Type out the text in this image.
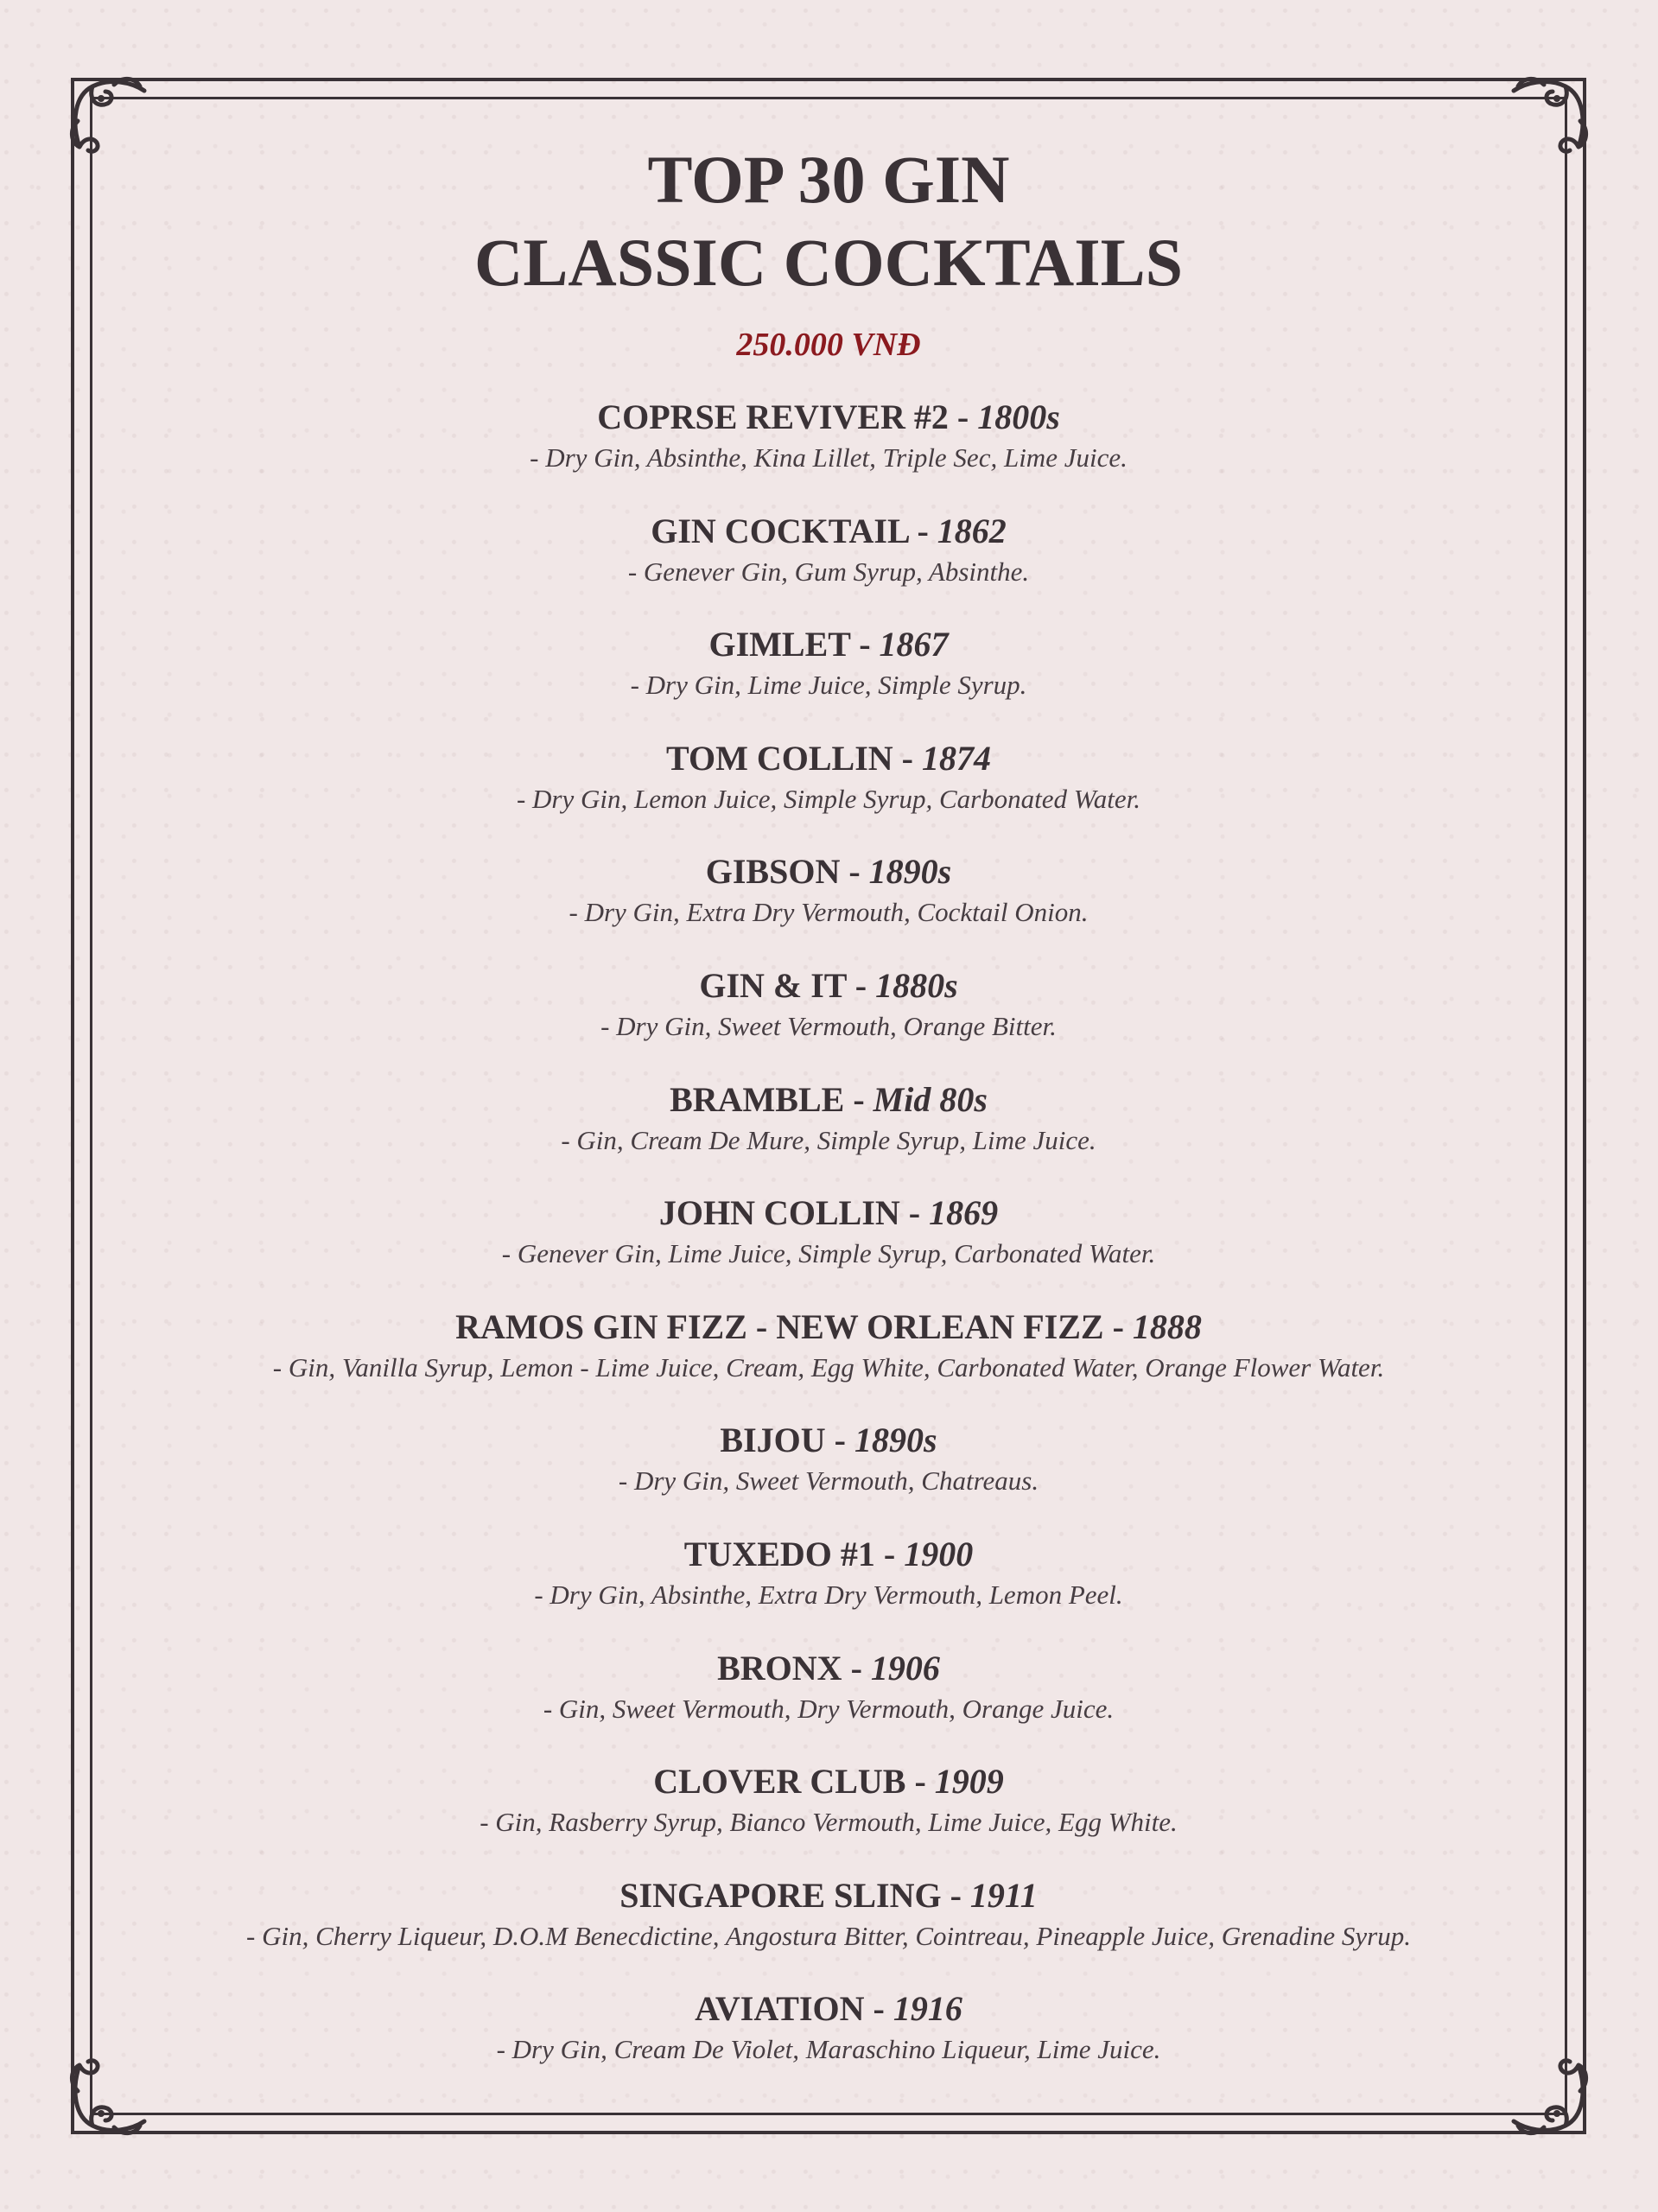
TOP 30 GIN
CLASSIC COCKTAILS
250.000 VNĐ
COPRSE REVIVER #2 - 1800s
- Dry Gin, Absinthe, Kina Lillet, Triple Sec, Lime Juice.
GIN COCKTAIL - 1862
- Genever Gin, Gum Syrup, Absinthe.
GIMLET - 1867
- Dry Gin, Lime Juice, Simple Syrup.
TOM COLLIN - 1874
- Dry Gin, Lemon Juice, Simple Syrup, Carbonated Water.
GIBSON - 1890s
- Dry Gin, Extra Dry Vermouth, Cocktail Onion.
GIN & IT - 1880s
- Dry Gin, Sweet Vermouth, Orange Bitter.
BRAMBLE - Mid 80s
- Gin, Cream De Mure, Simple Syrup, Lime Juice.
JOHN COLLIN - 1869
- Genever Gin, Lime Juice, Simple Syrup, Carbonated Water.
RAMOS GIN FIZZ - NEW ORLEAN FIZZ - 1888
- Gin, Vanilla Syrup, Lemon - Lime Juice, Cream, Egg White, Carbonated Water, Orange Flower Water.
BIJOU - 1890s
- Dry Gin, Sweet Vermouth, Chatreaus.
TUXEDO #1 - 1900
- Dry Gin, Absinthe, Extra Dry Vermouth, Lemon Peel.
BRONX - 1906
- Gin, Sweet Vermouth, Dry Vermouth, Orange Juice.
CLOVER CLUB - 1909
- Gin, Rasberry Syrup, Bianco Vermouth, Lime Juice, Egg White.
SINGAPORE SLING - 1911
- Gin, Cherry Liqueur, D.O.M Benecdictine, Angostura Bitter, Cointreau, Pineapple Juice, Grenadine Syrup.
AVIATION - 1916
- Dry Gin, Cream De Violet, Maraschino Liqueur, Lime Juice.
